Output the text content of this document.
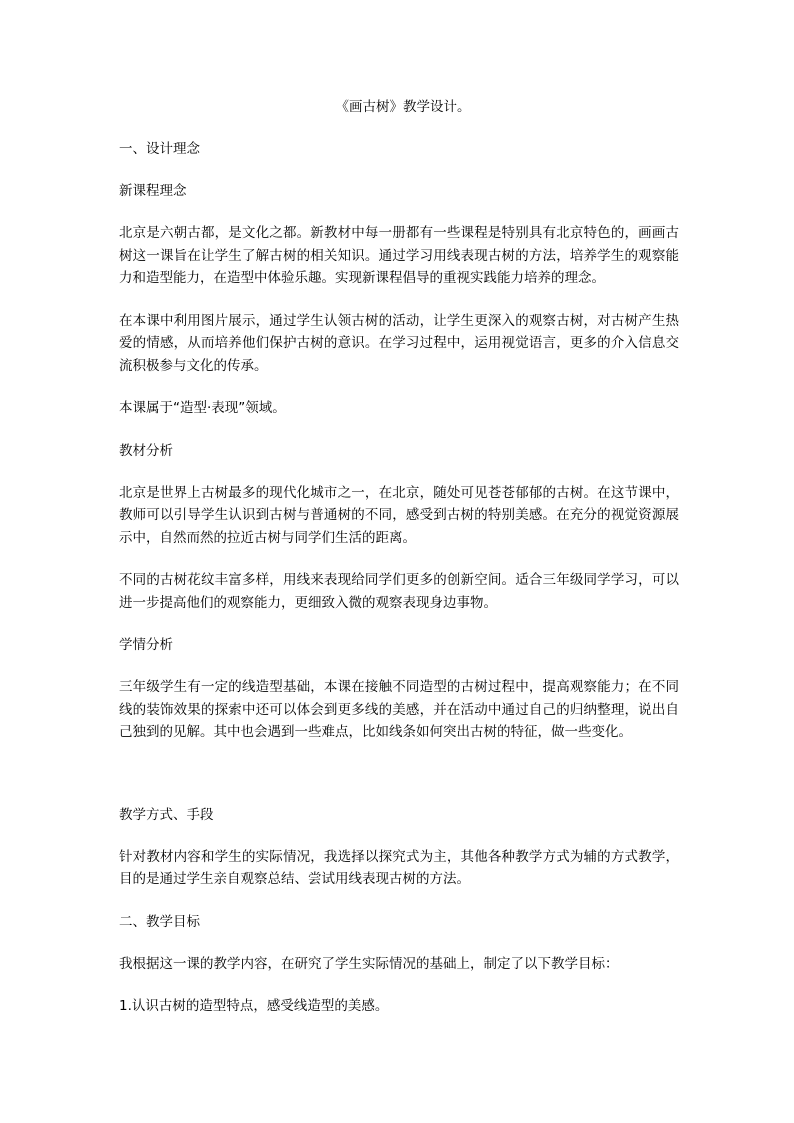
《画古树》教学设计。
一、设计理念
新课程理念
北京是六朝古都，是文化之都。新教材中每一册都有一些课程是特别具有北京特色的，画画古树这一课旨在让学生了解古树的相关知识。通过学习用线表现古树的方法，培养学生的观察能力和造型能力，在造型中体验乐趣。实现新课程倡导的重视实践能力培养的理念。
在本课中利用图片展示，通过学生认领古树的活动，让学生更深入的观察古树，对古树产生热爱的情感，从而培养他们保护古树的意识。在学习过程中，运用视觉语言，更多的介入信息交流积极参与文化的传承。
本课属于“造型·表现”领域。
教材分析
北京是世界上古树最多的现代化城市之一，在北京，随处可见苍苍郁郁的古树。在这节课中，教师可以引导学生认识到古树与普通树的不同，感受到古树的特别美感。在充分的视觉资源展示中，自然而然的拉近古树与同学们生活的距离。
不同的古树花纹丰富多样，用线来表现给同学们更多的创新空间。适合三年级同学学习，可以进一步提高他们的观察能力，更细致入微的观察表现身边事物。
学情分析
三年级学生有一定的线造型基础，本课在接触不同造型的古树过程中，提高观察能力；在不同线的装饰效果的探索中还可以体会到更多线的美感，并在活动中通过自己的归纳整理，说出自己独到的见解。其中也会遇到一些难点，比如线条如何突出古树的特征，做一些变化。
教学方式、手段
针对教材内容和学生的实际情况，我选择以探究式为主，其他各种教学方式为辅的方式教学，目的是通过学生亲自观察总结、尝试用线表现古树的方法。
二、教学目标
我根据这一课的教学内容，在研究了学生实际情况的基础上，制定了以下教学目标：
1.认识古树的造型特点，感受线造型的美感。
